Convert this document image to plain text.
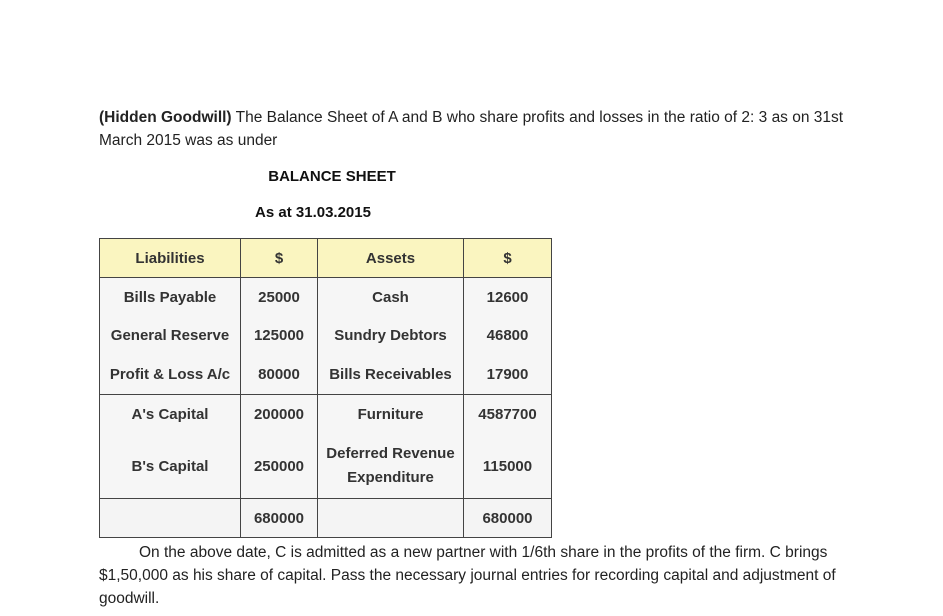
(Hidden Goodwill) The Balance Sheet of A and B who share profits and losses in the ratio of 2: 3 as on 31st March 2015 was as under
BALANCE SHEET
As at 31.03.2015
Liabilities	$	Assets	$
Bills Payable	25000	Cash	12600
General Reserve	125000	Sundry Debtors	46800
Profit & Loss A/c	80000	Bills Receivables	17900
A's Capital	200000	Furniture	4587700
B's Capital	250000	Deferred Revenue Expenditure	115000
	680000		680000
On the above date, C is admitted as a new partner with 1/6th share in the profits of the firm. C brings $1,50,000 as his share of capital. Pass the necessary journal entries for recording capital and adjustment of goodwill.
